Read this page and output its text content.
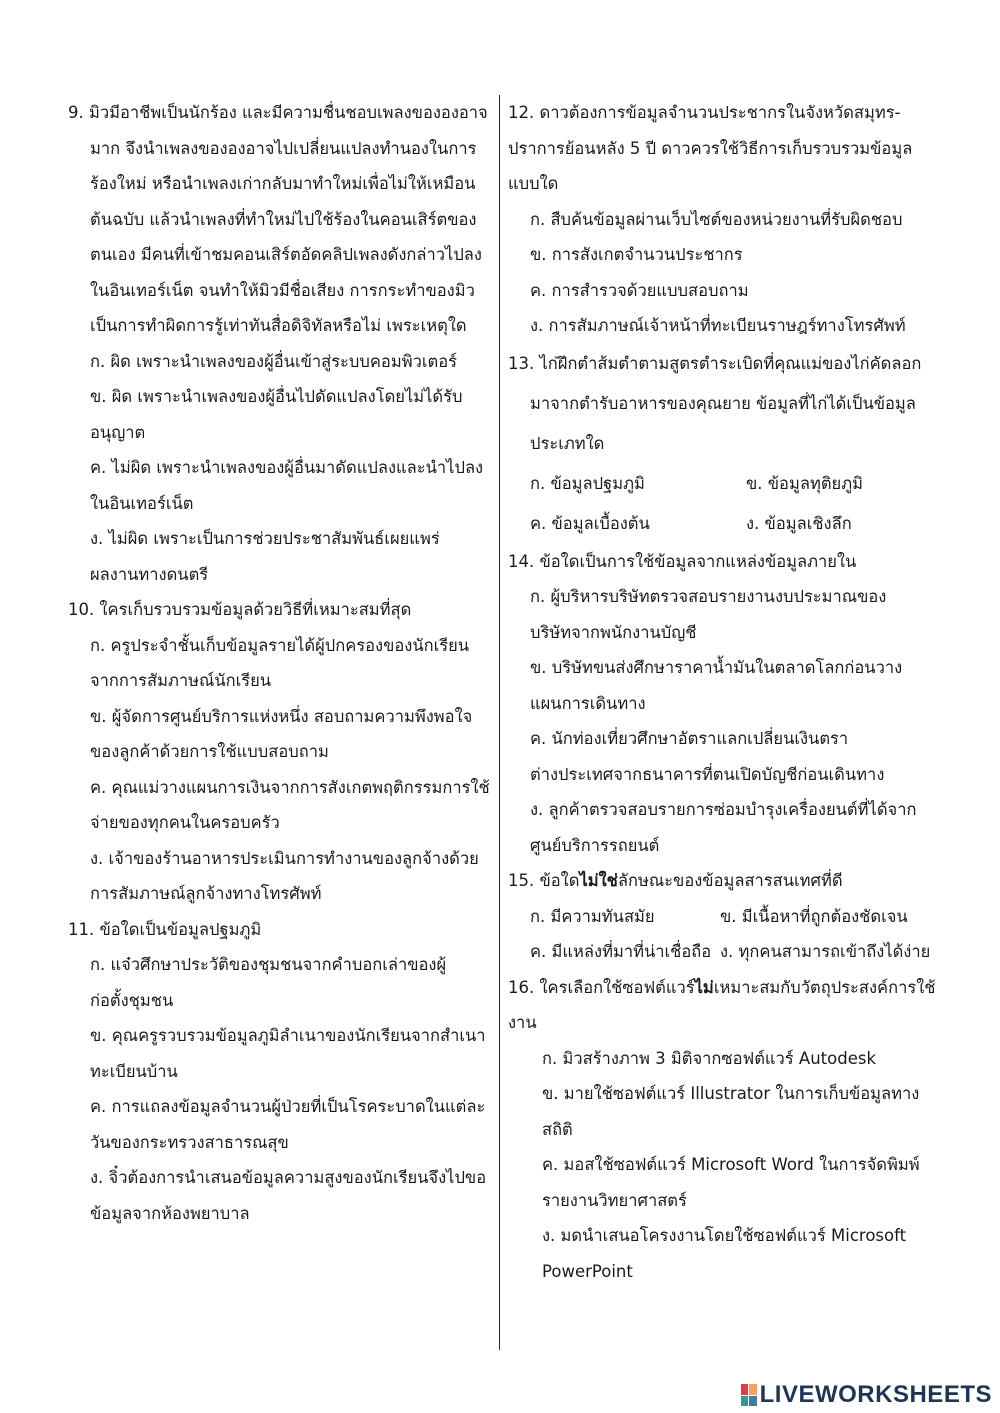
9. มิวมีอาชีพเป็นนักร้อง และมีความชื่นชอบเพลงขององอาจ
มาก จึงนำเพลงขององอาจไปเปลี่ยนแปลงทำนองในการ
ร้องใหม่ หรือนำเพลงเก่ากลับมาทำใหม่เพื่อไม่ให้เหมือน
ต้นฉบับ แล้วนำเพลงที่ทำใหม่ไปใช้ร้องในคอนเสิร์ตของ
ตนเอง มีคนที่เข้าชมคอนเสิร์ตอัดคลิปเพลงดังกล่าวไปลง
ในอินเทอร์เน็ต จนทำให้มิวมีชื่อเสียง การกระทำของมิว
เป็นการทำผิดการรู้เท่าทันสื่อดิจิทัลหรือไม่ เพระเหตุใด
ก. ผิด เพราะนำเพลงของผู้อื่นเข้าสู่ระบบคอมพิวเตอร์
ข. ผิด เพราะนำเพลงของผู้อื่นไปดัดแปลงโดยไม่ได้รับ
อนุญาต
ค. ไม่ผิด เพราะนำเพลงของผู้อื่นมาดัดแปลงและนำไปลง
ในอินเทอร์เน็ต
ง. ไม่ผิด เพราะเป็นการช่วยประชาสัมพันธ์เผยแพร่
ผลงานทางดนตรี
10. ใครเก็บรวบรวมข้อมูลด้วยวิธีที่เหมาะสมที่สุด
ก. ครูประจำชั้นเก็บข้อมูลรายได้ผู้ปกครองของนักเรียน
จากการสัมภาษณ์นักเรียน
ข. ผู้จัดการศูนย์บริการแห่งหนึ่ง สอบถามความพึงพอใจ
ของลูกค้าด้วยการใช้แบบสอบถาม
ค. คุณแม่วางแผนการเงินจากการสังเกตพฤติกรรมการใช้
จ่ายของทุกคนในครอบครัว
ง. เจ้าของร้านอาหารประเมินการทำงานของลูกจ้างด้วย
การสัมภาษณ์ลูกจ้างทางโทรศัพท์
11. ข้อใดเป็นข้อมูลปฐมภูมิ
ก. แจ๋วศึกษาประวัติของชุมชนจากคำบอกเล่าของผู้
ก่อตั้งชุมชน
ข. คุณครูรวบรวมข้อมูลภูมิลำเนาของนักเรียนจากสำเนา
ทะเบียนบ้าน
ค. การแถลงข้อมูลจำนวนผู้ป่วยที่เป็นโรคระบาดในแต่ละ
วันของกระทรวงสาธารณสุข
ง. จิ๋วต้องการนำเสนอข้อมูลความสูงของนักเรียนจึงไปขอ
ข้อมูลจากห้องพยาบาล
12. ดาวต้องการข้อมูลจำนวนประชากรในจังหวัดสมุทร-
ปราการย้อนหลัง 5 ปี ดาวควรใช้วิธีการเก็บรวบรวมข้อมูล
แบบใด
ก. สืบค้นข้อมูลผ่านเว็บไซต์ของหน่วยงานที่รับผิดชอบ
ข. การสังเกตจำนวนประชากร
ค. การสำรวจด้วยแบบสอบถาม
ง. การสัมภาษณ์เจ้าหน้าที่ทะเบียนราษฎร์ทางโทรศัพท์
13. ไก่ฝึกตำส้มตำตามสูตรตำระเบิดที่คุณแม่ของไก่คัดลอก
มาจากตำรับอาหารของคุณยาย ข้อมูลที่ไก่ได้เป็นข้อมูล
ประเภทใด
ก. ข้อมูลปฐมภูมิ	ข. ข้อมูลทุติยภูมิ
ค. ข้อมูลเบื้องต้น	ง. ข้อมูลเชิงลึก
14. ข้อใดเป็นการใช้ข้อมูลจากแหล่งข้อมูลภายใน
ก. ผู้บริหารบริษัทตรวจสอบรายงานงบประมาณของ
บริษัทจากพนักงานบัญชี
ข. บริษัทขนส่งศึกษาราคาน้ำมันในตลาดโลกก่อนวาง
แผนการเดินทาง
ค. นักท่องเที่ยวศึกษาอัตราแลกเปลี่ยนเงินตรา
ต่างประเทศจากธนาคารที่ตนเปิดบัญชีก่อนเดินทาง
ง. ลูกค้าตรวจสอบรายการซ่อมบำรุงเครื่องยนต์ที่ได้จาก
ศูนย์บริการรถยนต์
15. ข้อใดไม่ใช่ลักษณะของข้อมูลสารสนเทศที่ดี
ก. มีความทันสมัย	ข. มีเนื้อหาที่ถูกต้องชัดเจน
ค. มีแหล่งที่มาที่น่าเชื่อถือ ง. ทุกคนสามารถเข้าถึงได้ง่าย
16. ใครเลือกใช้ซอฟต์แวร์ไม่เหมาะสมกับวัตถุประสงค์การใช้
งาน
ก. มิวสร้างภาพ 3 มิติจากซอฟต์แวร์ Autodesk
ข. มายใช้ซอฟต์แวร์ Illustrator ในการเก็บข้อมูลทาง
สถิติ
ค. มอสใช้ซอฟต์แวร์ Microsoft Word ในการจัดพิมพ์
รายงานวิทยาศาสตร์
ง. มดนำเสนอโครงงานโดยใช้ซอฟต์แวร์ Microsoft
PowerPoint
LIVEWORKSHEETS
